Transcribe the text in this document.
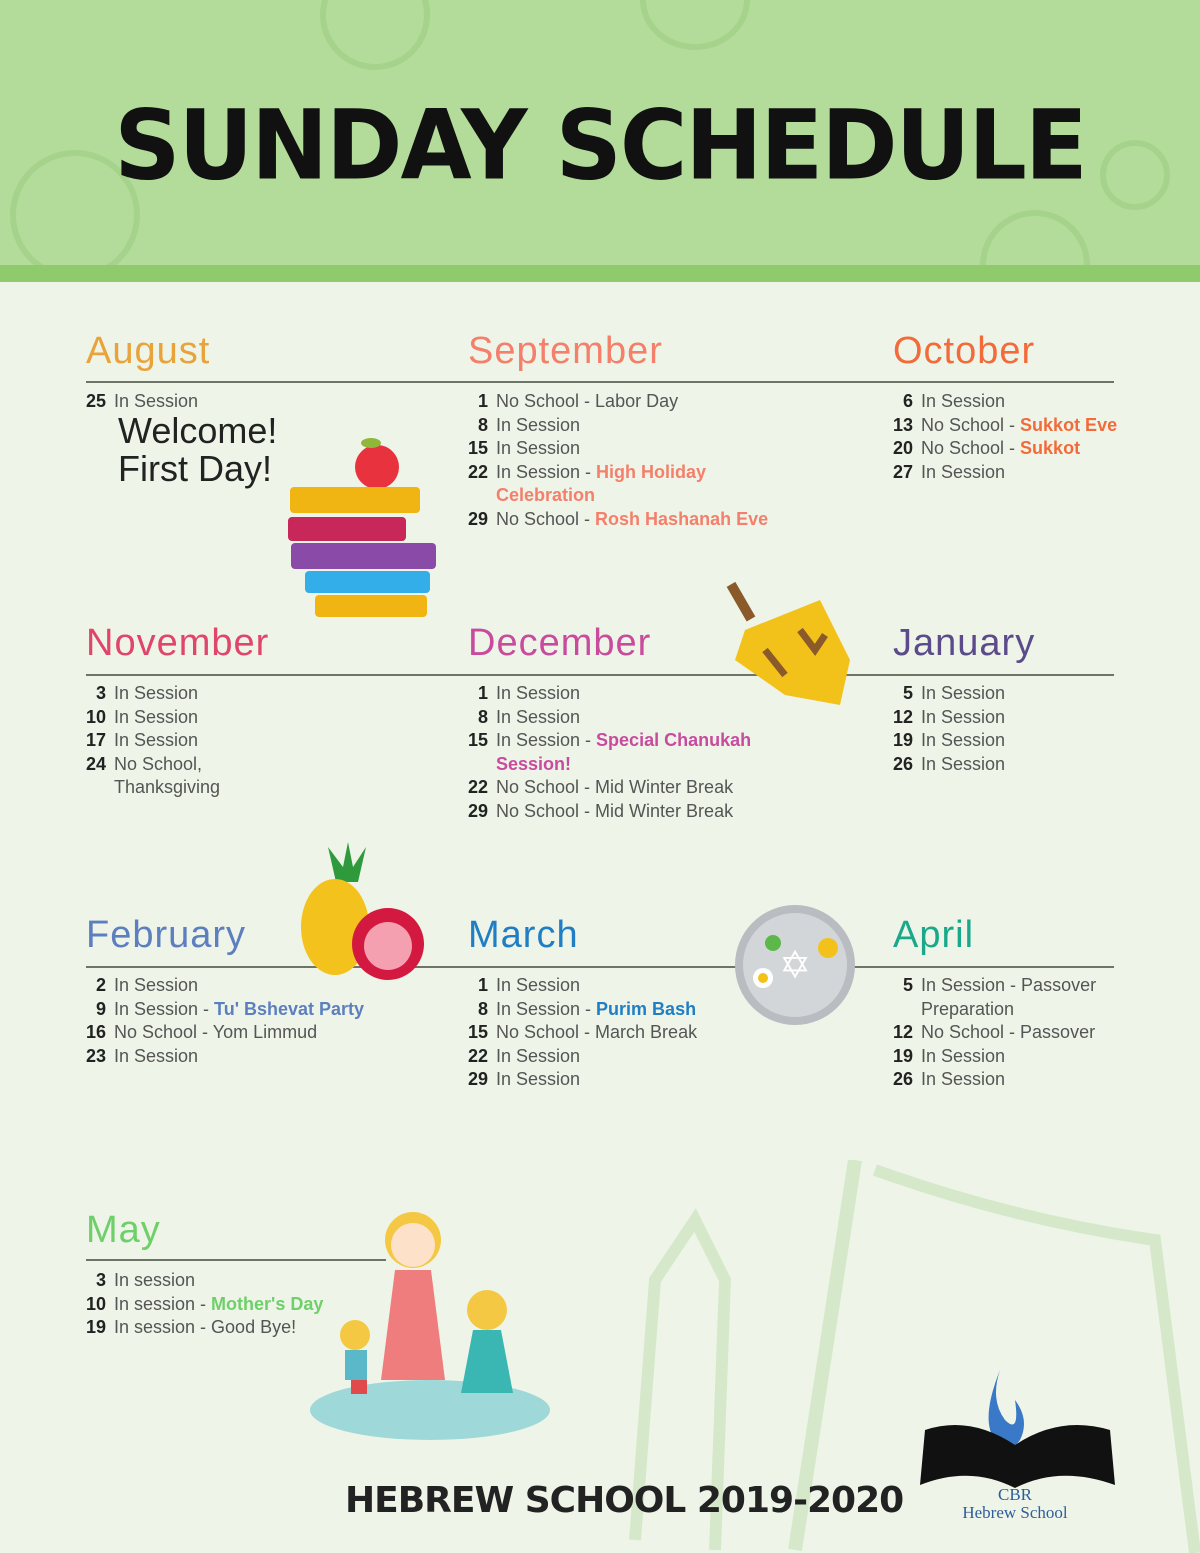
SUNDAY SCHEDULE
August
25 In Session
September
1 No School - Labor Day
8 In Session
15 In Session
22 In Session - High Holiday Celebration
29 No School - Rosh Hashanah Eve
October
6 In Session
13 No School - Sukkot Eve
20 No School - Sukkot
27 In Session
November
3 In Session
10 In Session
17 In Session
24 No School, Thanksgiving
December
1 In Session
8 In Session
15 In Session - Special Chanukah Session!
22 No School - Mid Winter Break
29 No School - Mid Winter Break
January
5 In Session
12 In Session
19 In Session
26 In Session
February
2 In Session
9 In Session - Tu' Bshevat Party
16 No School - Yom Limmud
23 In Session
March
1 In Session
8 In Session - Purim Bash
15 No School - March Break
22 In Session
29 In Session
April
5 In Session - Passover Preparation
12 No School - Passover
19 In Session
26 In Session
May
3 In session
10 In session - Mother's Day
19 In session - Good Bye!
Welcome!
First Day!
✡
CBR
Hebrew School
HEBREW SCHOOL 2019-2020
